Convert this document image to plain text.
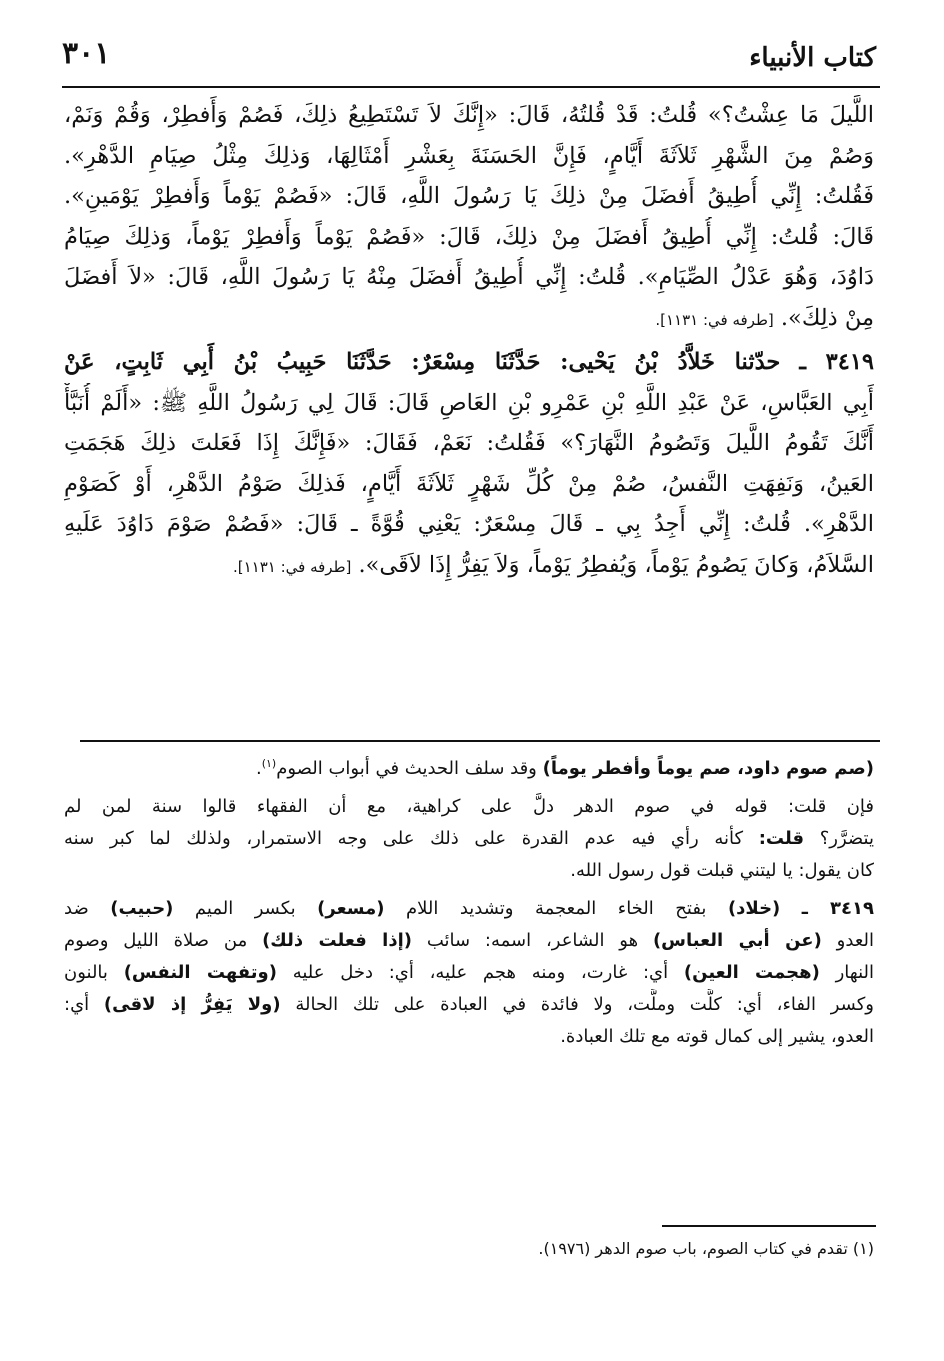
كتاب الأنبياء
٣٠١
اللَّيلَ مَا عِشْتُ؟» قُلتُ: قَدْ قُلتُهُ، قَالَ: «إِنَّكَ لاَ تَسْتَطِيعُ ذلِكَ، فَصُمْ وَأَفطِرْ، وَقُمْ وَنَمْ،
وَصُمْ مِنَ الشَّهْرِ ثَلاَثَةَ أَيَّامٍ، فَإِنَّ الحَسَنَةَ بِعَشْرِ أَمْثَالِهَا، وَذلِكَ مِثْلُ صِيَامِ الدَّهْرِ».
فَقُلتُ: إِنِّي أُطِيقُ أَفضَلَ مِنْ ذلِكَ يَا رَسُولَ اللَّهِ، قَالَ: «فَصُمْ يَوْماً وَأَفطِرْ يَوْمَينِ».
قَالَ: قُلتُ: إِنِّي أُطِيقُ أَفضَلَ مِنْ ذلِكَ، قَالَ: «فَصُمْ يَوْماً وَأَفطِرْ يَوْماً، وَذلِكَ صِيَامُ
دَاوُدَ، وَهُوَ عَدْلُ الصِّيَامِ». قُلتُ: إِنِّي أُطِيقُ أَفضَلَ مِنْهُ يَا رَسُولَ اللَّهِ، قَالَ: «لاَ أَفضَلَ
مِنْ ذلِكَ». [طرفه في: ١١٣١].
٣٤١٩ ـ حدّثنا خَلاَّدُ بْنُ يَحْيى: حَدَّثَنَا مِسْعَرٌ: حَدَّثَنَا حَبِيبُ بْنُ أَبِي ثَابِتٍ، عَنْ
أَبِي العَبَّاسِ، عَنْ عَبْدِ اللَّهِ بْنِ عَمْرِو بْنِ العَاصِ قَالَ: قَالَ لِي رَسُولُ اللَّهِ ﷺ: «أَلَمْ أُنَبَّأْ
أَنَّكَ تَقُومُ اللَّيلَ وَتَصُومُ النَّهَارَ؟» فَقُلتُ: نَعَمْ، فَقَالَ: «فَإِنَّكَ إِذَا فَعَلتَ ذلِكَ هَجَمَتِ
العَينُ، وَنَفِهَتِ النَّفسُ، صُمْ مِنْ كُلِّ شَهْرٍ ثَلاَثَةَ أَيَّامٍ، فَذلِكَ صَوْمُ الدَّهْرِ، أَوْ كَصَوْمِ
الدَّهْرِ». قُلتُ: إِنِّي أَجِدُ بِي ـ قَالَ مِسْعَرٌ: يَعْنِي قُوَّةً ـ قَالَ: «فَصُمْ صَوْمَ دَاوُدَ عَلَيهِ
السَّلاَمُ، وَكانَ يَصُومُ يَوْماً، وَيُفطِرُ يَوْماً، وَلاَ يَفِرُّ إِذَا لاَقَى». [طرفه في: ١١٣١].
(صم صوم داود، صم يوماً وأفطر يوماً) وقد سلف الحديث في أبواب الصوم$^{(١)}$.
فإن قلت: قوله في صوم الدهر دلَّ على كراهية، مع أن الفقهاء قالوا سنة لمن لم
يتضرَّر؟ قلت: كأنه رأي فيه عدم القدرة على ذلك على وجه الاستمرار، ولذلك لما كبر سنه
كان يقول: يا ليتني قبلت قول رسول الله.
٣٤١٩ ـ (خلاد) بفتح الخاء المعجمة وتشديد اللام (مسعر) بكسر الميم (حبيب) ضد
العدو (عن أبي العباس) هو الشاعر، اسمه: سائب (إذا فعلت ذلك) من صلاة الليل وصوم
النهار (هجمت العين) أي: غارت، ومنه هجم عليه، أي: دخل عليه (وتفهت النفس) بالنون
وكسر الفاء، أي: كلَّت وملَّت، ولا فائدة في العبادة على تلك الحالة (ولا يَفِرُّ إذ لاقى) أي:
العدو، يشير إلى كمال قوته مع تلك العبادة.
(١) تقدم في كتاب الصوم، باب صوم الدهر (١٩٧٦).
